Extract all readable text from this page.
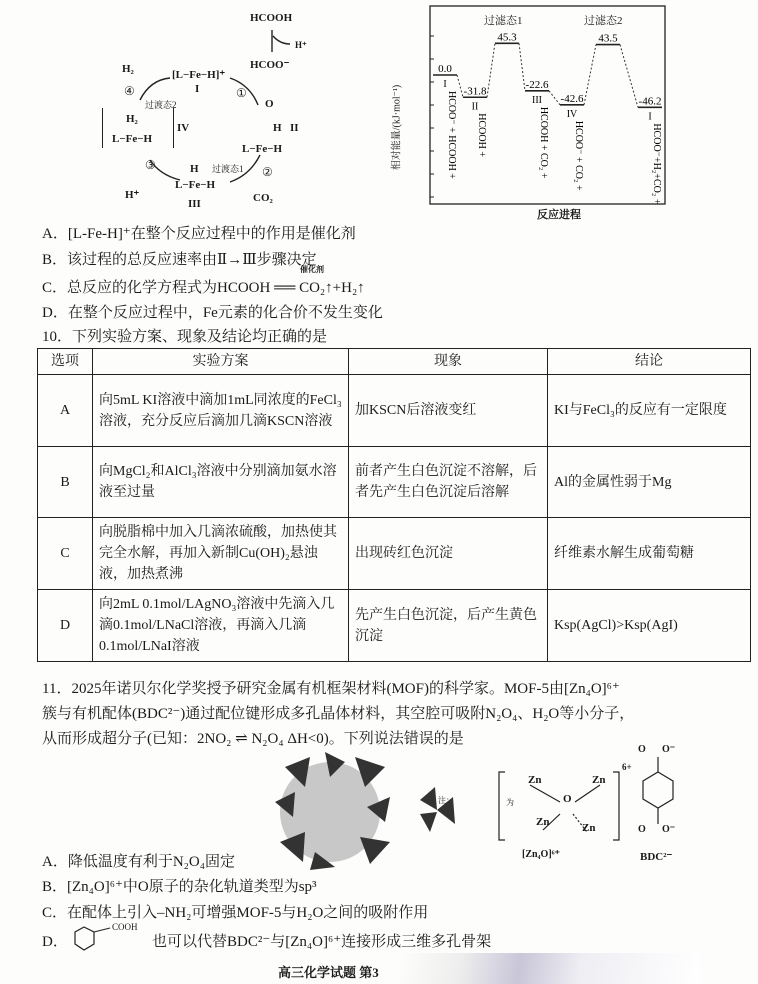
HCOOH
H⁺
HCOO⁻
H₂	[L−Fe−H]⁺
I
O
H II
L−Fe−H
H₂
L−Fe−H
IV
H
L−Fe−H
III	CO₂
H⁺
过渡态1
过渡态2
①
②
③
④
0.0
I
HCOO⁻ + HCOOH + -31.8
II
HCOOH +
45.3
-22.6
III
HCOOH + CO₂ +
-42.6
IV
HCOO⁻ + CO₂ +
43.5
-46.2
I
HCOO⁻+H₂+CO₂ +
过滤态1	过滤态2
相对能量/(kJ·mol⁻¹)
反应进程
A．[L-Fe-H]⁺在整个反应过程中的作用是催化剂
B．该过程的总反应速率由Ⅱ→Ⅲ步骤决定
C．总反应的化学方程式为HCOOH ══ CO₂↑+H₂↑
催化剂
D．在整个反应过程中，Fe元素的化合价不发生变化
10．下列实验方案、现象及结论均正确的是
选项	实验方案	现象	结论
A	向5mL KI溶液中滴加1mL同浓度的FeCl₃溶液，充分反应后滴加几滴KSCN溶液	加KSCN后溶液变红	KI与FeCl₃的反应有一定限度
B	向MgCl₂和AlCl₃溶液中分别滴加氨水溶液至过量	前者产生白色沉淀不溶解，后者先产生白色沉淀后溶解	Al的金属性弱于Mg
C	向脱脂棉中加入几滴浓硫酸，加热使其完全水解，再加入新制Cu(OH)₂悬浊液，加热煮沸	出现砖红色沉淀	纤维素水解生成葡萄糖
D	向2mL 0.1mol/LAgNO₃溶液中先滴入几滴0.1mol/LNaCl溶液，再滴入几滴0.1mol/LNaI溶液	先产生白色沉淀，后产生黄色沉淀	Ksp(AgCl)>Ksp(AgI)
11．2025年诺贝尔化学奖授予研究金属有机框架材料(MOF)的科学家。MOF-5由[Zn₄O]⁶⁺
簇与有机配体(BDC²⁻)通过配位键形成多孔晶体材料，其空腔可吸附N₂O₄、H₂O等小分子，
从而形成超分子(已知：2NO₂ ⇌ N₂O₄ ΔH<0)。下列说法错误的是
注：	为
Zn	Zn
O
Zn	Zn
6+
[Zn₄O]⁶⁺
O O⁻
O O⁻
BDC²⁻
A．降低温度有利于N₂O₄固定
B．[Zn₄O]⁶⁺中O原子的杂化轨道类型为sp³
C．在配体上引入–NH₂可增强MOF-5与H₂O之间的吸附作用
D．
COOH
也可以代替BDC²⁻与[Zn₄O]⁶⁺连接形成三维多孔骨架
高三化学试题 第3
